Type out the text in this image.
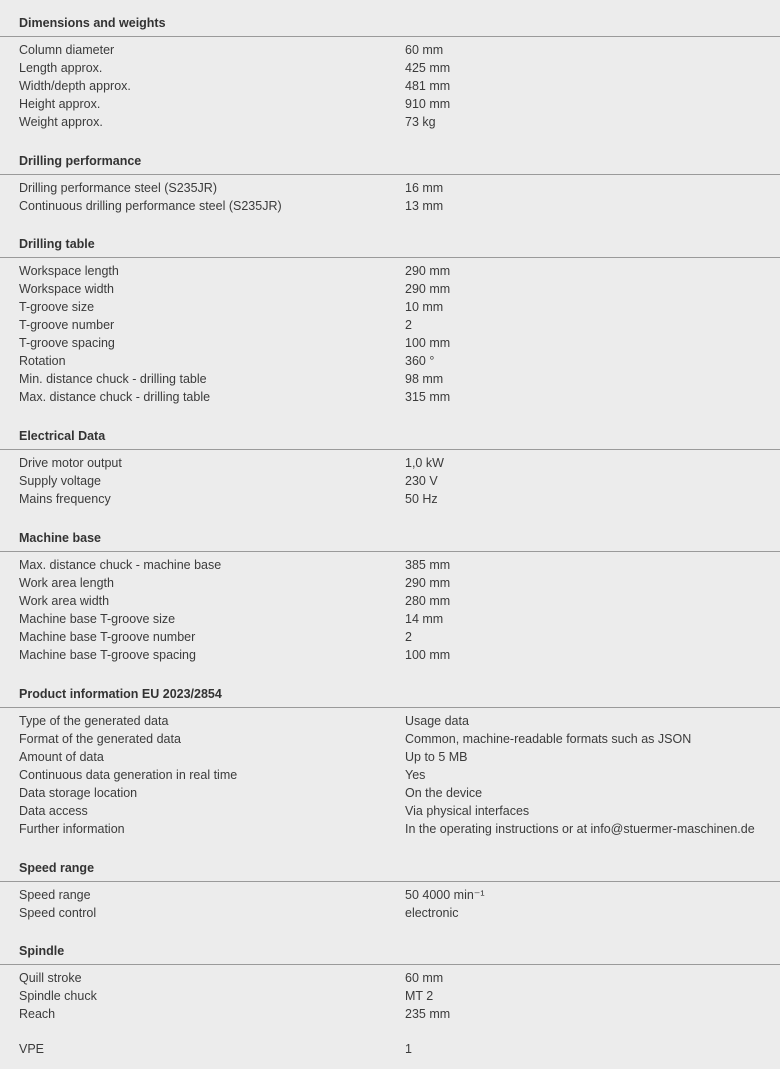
Dimensions and weights
Column diameter	60 mm
Length approx.	425 mm
Width/depth approx.	481 mm
Height approx.	910 mm
Weight approx.	73 kg
Drilling performance
Drilling performance steel (S235JR)	16 mm
Continuous drilling performance steel (S235JR)	13 mm
Drilling table
Workspace length	290 mm
Workspace width	290 mm
T-groove size	10 mm
T-groove number	2
T-groove spacing	100 mm
Rotation	360 °
Min. distance chuck - drilling table	98 mm
Max. distance chuck - drilling table	315 mm
Electrical Data
Drive motor output	1,0 kW
Supply voltage	230 V
Mains frequency	50 Hz
Machine base
Max. distance chuck - machine base	385 mm
Work area length	290 mm
Work area width	280 mm
Machine base T-groove size	14 mm
Machine base T-groove number	2
Machine base T-groove spacing	100 mm
Product information EU 2023/2854
Type of the generated data	Usage data
Format of the generated data	Common, machine-readable formats such as JSON
Amount of data	Up to 5 MB
Continuous data generation in real time	Yes
Data storage location	On the device
Data access	Via physical interfaces
Further information	In the operating instructions or at info@stuermer-maschinen.de
Speed range
Speed range	50 4000 min⁻¹
Speed control	electronic
Spindle
Quill stroke	60 mm
Spindle chuck	MT 2
Reach	235 mm
VPE	1
